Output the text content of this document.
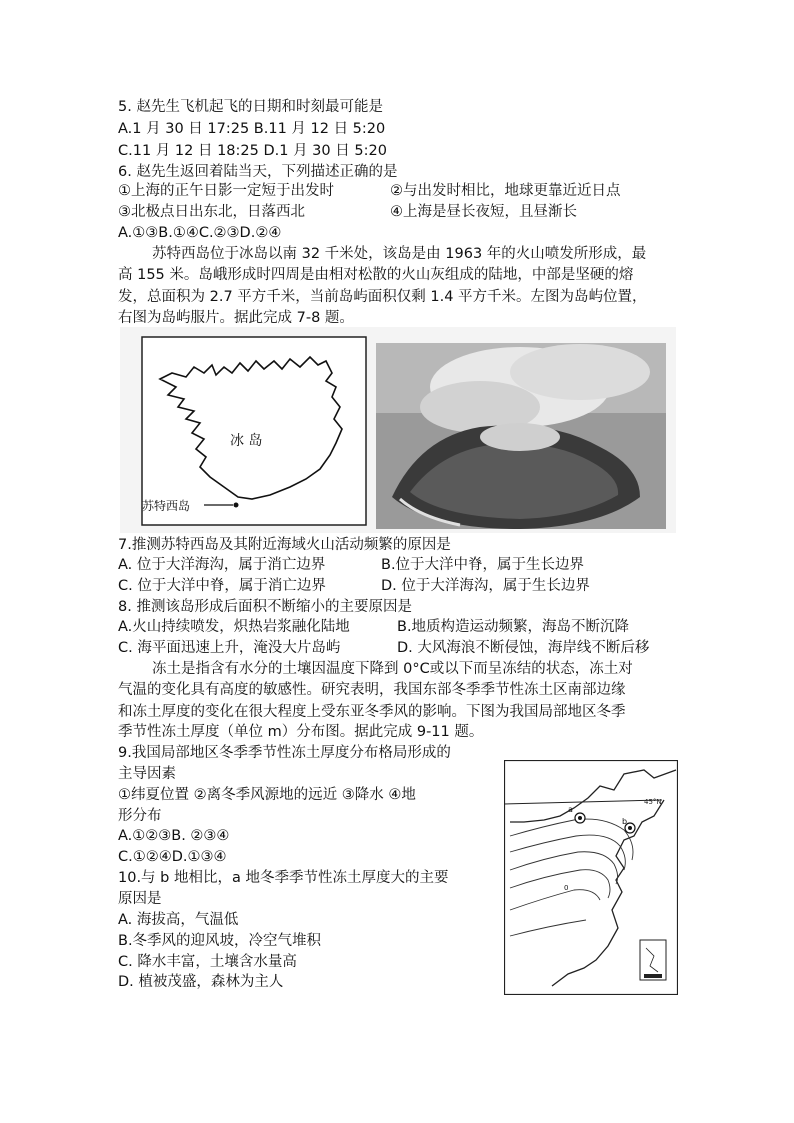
5. 赵先生飞机起飞的日期和时刻最可能是
A.1 月 30 日 17:25 B.11 月 12 日 5:20
C.11 月 12 日 18:25 D.1 月 30 日 5:20
6. 赵先生返回着陆当天，下列描述正确的是
①上海的正午日影一定短于出发时	②与出发时相比，地球更靠近近日点
③北极点日出东北，日落西北	④上海是昼长夜短，且昼渐长
A.①③B.①④C.②③D.②④
苏特西岛位于冰岛以南 32 千米处，该岛是由 1963 年的火山喷发所形成，最
高 155 米。岛峨形成时四周是由相对松散的火山灰组成的陆地，中部是坚硬的熔
发，总面积为 2.7 平方千米，当前岛屿面积仅剩 1.4 平方千米。左图为岛屿位置，
右图为岛屿服片。据此完成 7-8 题。
冰 岛
苏特西岛
7.推测苏特西岛及其附近海域火山活动频繁的原因是
A. 位于大洋海沟，属于消亡边界	B.位于大洋中脊，属于生长边界
C. 位于大洋中脊，属于消亡边界	D. 位于大洋海沟，属于生长边界
8. 推测该岛形成后面积不断缩小的主要原因是
A.火山持续喷发，炽热岩浆融化陆地	B.地质构造运动频繁，海岛不断沉降
C. 海平面迅速上升，淹没大片岛屿	D. 大风海浪不断侵蚀，海岸线不断后移
冻土是指含有水分的土壤因温度下降到 0°C或以下而呈冻结的状态，冻土对
气温的变化具有高度的敏感性。研究表明，我国东部冬季季节性冻土区南部边缘
和冻土厚度的变化在很大程度上受东亚冬季风的影响。下图为我国局部地区冬季
季节性冻土厚度（单位 m）分布图。据此完成 9-11 题。
9.我国局部地区冬季季节性冻土厚度分布格局形成的
主导因素
①纬夏位置 ②离冬季风源地的远近 ③降水 ④地
形分布
A.①②③B. ②③④
C.①②④D.①③④
10.与 b 地相比，a 地冬季季节性冻土厚度大的主要
原因是
A. 海拔高，气温低
B.冬季风的迎风坡，冷空气堆积
C. 降水丰富，土壤含水量高
D. 植被茂盛，森林为主人
45°N
a
b
0
